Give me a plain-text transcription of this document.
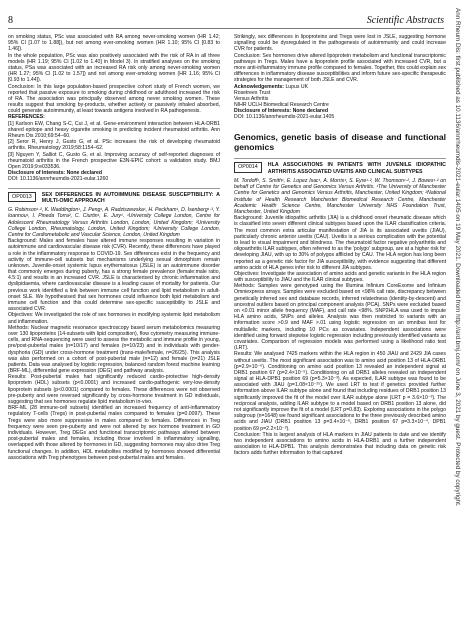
8	Scientific Abstracts

on smoking status, PSc was associated with RA among never-smoking women (HR 1.42; 95% CI [1.07 to 1.88]), but not among ever-smoking women (HR 1.10; 95% CI [0.83 to 1.46]).

In the whole population, PSc was also positively associated with the risk of RA in all three models (HR 1.19; 95% CI [1.02 to 1.40] in Model 3). In stratified analyses on the smoking status, PSa was associated with an increased RA risk only among never-smoking women (HR 1.27; 95% CI [1.02 to 1.57]) and not among ever-smoking women (HR 1.16; 95% CI [0.93 to 1.44]).

Conclusion: In this large population-based prospective cohort study of French women, we reported that passive exposure to smoking during childhood or adulthood increased the risk of RA. The association was principally observed among never smoking women. These results suggest that smoking by-products, whether actively or passively inhaled absorbed, could generate autoimmunity, at least towards antigens involved in RA pathogenesis.

REFERENCES:

[1] Karlson EW, Chang S-C, Cui J, et al. Gene-environment interaction between HLA-DRB1 shared epitope and heavy cigarette smoking in predicting incident rheumatoid arthritis. Ann Rheum Dis 2010;69:54–60.

[2] Seror R, Henry J, Gusto G, et al. PSc increases the risk of developing rheumatoid arthritis. Rheumatology 2019;58:1154–62.

[3] Nguyen Y, Salliot C, Gusto G, et al. Improving accuracy of self-reported diagnoses of rheumatoid arthritis in the French prospective E3N-EPIC cohort: a validation study. BMJ Open 2019;9:e033536.

Disclosure of Interests: None declared

DOI: 10.1136/annrheumdis-2021-eular.1260

OP0013	SEX DIFFERENCES IN AUTOIMMUNE DISEASE SUSCEPTIBILITY: A MULTI-OMIC APPROACH

G. Robinson¹·², K. Waddington¹, J. Peng¹, A. Radziszewska¹, H. Peckham¹, D. Isenberg¹·³, Y. Ioannou¹, I. Pineda Torra², C. Ciurtin¹, E. Jury¹. ¹University College London, Centre for Adolescent Rheumatology Versus Arthritis London, London, United Kingdom; ²University College London, Rheumatology, London, United Kingdom; ³University College London, Centre for Cardiometabolic and Vascular Science, London, United Kingdom

Background: Males and females have altered immune responses resulting in variation in autoimmune and cardiovascular disease risk (CVR). Recently, these differences have played a role in the inflammatory response to COVID-19. Sex differences exist in the frequency and activity of immune-cell subsets but mechanisms underlying sexual dimorphism remain unknown. Juvenile-onset systemic lupus erythematosus (JSLE) is an autoimmune disorder that commonly emerges during puberty, has a strong female prevalence (female:male ratio, 4.5:1) and results in an increased CVR. JSLE is characterised by chronic inflammation and dyslipidaemia, where cardiovascular disease is a leading cause of mortality for patients. Our previous work identified a link between immune cell function and lipid metabolism in adult-onset SLE. We hypothesised that sex hormones could influence both lipid metabolism and immune cell function and this could determine sex-specific susceptibility to JSLE and associated CVR.

Objectives: We investigated the role of sex hormones in modifying systemic lipid metabolism and inflammation.

Methods: Nuclear magnetic resonance spectroscopy based serum metabolomics measuring over 130 lipoproteins (14-subsets with lipid composition), flow cytometry measuring immune-cells, and RNA-sequencing were used to assess the metabolic and immune profile in young, pre/post-pubertal males (n=10/17) and females (n=10/23) and in individuals with gender-dysphoria (GD) under cross-hormone treatment (trans-male/female, n=26/25). This analysis was also performed on a cohort of post-pubertal male (n=12) and female (n=21) JSLE patients. Data was analysed by logistic regression, balanced random forest machine learning (BRF-ML), differential gene expression (DEG) and pathway analysis.

Results: Post-pubertal males had significantly reduced cardio-protective high-density lipoprotein (HDL) subsets (p<0.0001) and increased cardio-pathogenic very-low-density lipoprotein subsets (p<0.0001) compared to females. These differences were not observed pre-puberty and were reversed significantly by cross-hormone treatment in GD individuals, suggesting that sex hormones regulate lipid metabolism in-vivo.

BRF-ML (28 immune-cell subsets) identified an increased frequency of anti-inflammatory regulatory T-cells (Tregs) in post-pubertal males compared to females (p=0.0097). These Tregs were also more suppressive in males compared to females. Differences in Treg frequency were seen pre-puberty and were not altered by sex hormone treatment in GD individuals. However, Treg DEGs and functional transcriptomic pathways altered between post-pubertal males and females, including those involved in inflammatory signalling, overlapped with those altered by hormones in GD, suggesting hormones may also drive Treg functional changes. In addition, HDL metabolites modified by hormones showed differential associations with Treg phenotypes between post-pubertal males and females.

Strikingly, sex differences in lipoproteins and Tregs were lost in JSLE, suggesting hormone signalling could be dysregulated in the pathogenesis of autoimmunity and could increase CVR for patients.

Conclusion: Sex hormones drive altered lipoprotein metabolism and functional transcriptomic pathways in Tregs. Males have a lipoprotein profile associated with increased CVR, but a more anti-inflammatory immune profile compared to females. Together, this could explain sex differences in inflammatory disease susceptibilities and inform future sex-specific therapeutic strategies for the management of both JSLE and CVR.

Acknowledgements: Lupus UK

Rosetrees Trust

Versus Arthritis

NIHR UCLH Biomedical Research Centre

Disclosure of Interests: None declared

DOI: 10.1136/annrheumdis-2021-eular.1405

Genomics, genetic basis of disease and functional genomics
OP0014	HLA ASSOCIATIONS IN PATIENTS WITH JUVENILE IDIOPATHIC ARTHRITIS ASSOCIATED UVEITIS AND CLINICAL SUBTYPES

M. Tordoff¹, S. Smith¹, E. Lopez Isac¹, A. Morris¹, S. Eyre¹·², W. Thomson¹·², J. Bowes¹·² on behalf of Centre for Genetics and Genomics Versus Arthritis. ¹The University of Manchester Centre for Genetics and Genomics Versus Arthritis, Manchester, United Kingdom; ²National Institute of Health Research Manchester Biomedical Research Centre, Manchester Academic Health Science Centre, Manchester University NHS Foundation Trust, Manchester, United Kingdom

Background: Juvenile idiopathic arthritis (JIA) is a childhood onset rheumatic disease which is classified into seven different clinical subtypes based upon the ILAR classification criteria. The most common extra articular manifestation of JIA is its associated uveitis (JIAU), particularly chronic anterior uveitis (CAU). Uveitis is a serious complication with the potential to lead to visual impairment and blindness. The rheumatoid factor negative polyarthritis and oligoarthritis ILAR subtypes, often referred to as the 'polygo' subgroup, are at a higher risk for developing JIAU, with up to 30% of polygos afflicted by CAU. The HLA region has long been reported as a genetic risk factor for JIA susceptibility, with evidence suggesting that different amino acids of HLA genes infer risk to different JIA subtypes.

Objectives: Investigate the association of amino acids and genetic variants in the HLA region with susceptibility to JIAU and the ILAR clinical subtypes.

Methods: Samples were genotyped using the Illumina Infinium CoreExome and Infinium Omniexpress arrays. Samples were excluded based on <98% call rate, discrepancy between genetically inferred sex and database records, inferred relatedness (identity-by-descent) and ancestral outliers based on principal component analysis (PCA). SNPs were excluded based on <0.01 minor allele frequency (MAF), and call rate <98%. SNP2HLA was used to impute HLA amino acids, SNPs and alleles. Analysis was then restricted to variants with an information score >0.9 and MAF >.01 using logistic regression on an omnibus test for multiallelic markers, including 10 PCs as covariates. Independent associations were identified using forward stepwise logistic regression including previously identified variants as covariates. Comparison of regression models was performed using a likelihood ratio test (LRT).

Results: We analysed 7425 markers within the HLA region in 450 JIAU and 2429 JIA cases without uveitis. The most significant association was to amino acid position 13 of HLA-DRB1 (p=2.9×10⁻⁶). Conditioning on amino acid position 13 revealed an independent signal at DRB1 position 67 (p=2.4×10⁻⁵). Conditioning on all DRB1 alleles revealed an independent signal at HLA-DPB1 position 69 (p=5.3×10⁻³). As expected, ILAR subtype was found to be associated with JIAU (p=1.08×10⁻²⁵). We used LRT to test if genetics provided further information above ILAR subtype alone and found that including residues of DRB1 position 13 significantly improved the fit of the model over ILAR subtype alone (LRT p = 3.6×10⁻³). The reciprocal analysis, adding ILAR subtype to a model based on DRB1 position 13 alone, did not significantly improve the fit of a model (LRT p=0.83). Exploring associations in the polygo subgroup (n=1648) we found significant associations to the three previously described amino acids and JIAU (DRB1 position 13 p=3.4×10⁻⁶, DRB1 position 67 p=3.3×10⁻⁴, DPB1 position 69 p=2.2×10⁻³).

Conclusion: This is largest analysis of HLA markers in JIAU patients to date and we identify two independent associations to amino acids in HLA-DRB1 and a further independent association to HLA-DPB1. This analysis demonstrates that including data on genetic risk factors adds further information to that captured	Ann Rheum Dis: first published as 10.1136/annrheumdis-2021-eular.1405 on 19 May 2021. Downloaded from http://ard.bmj.com/ on June 3, 2021 by guest. Protected by copyright.
